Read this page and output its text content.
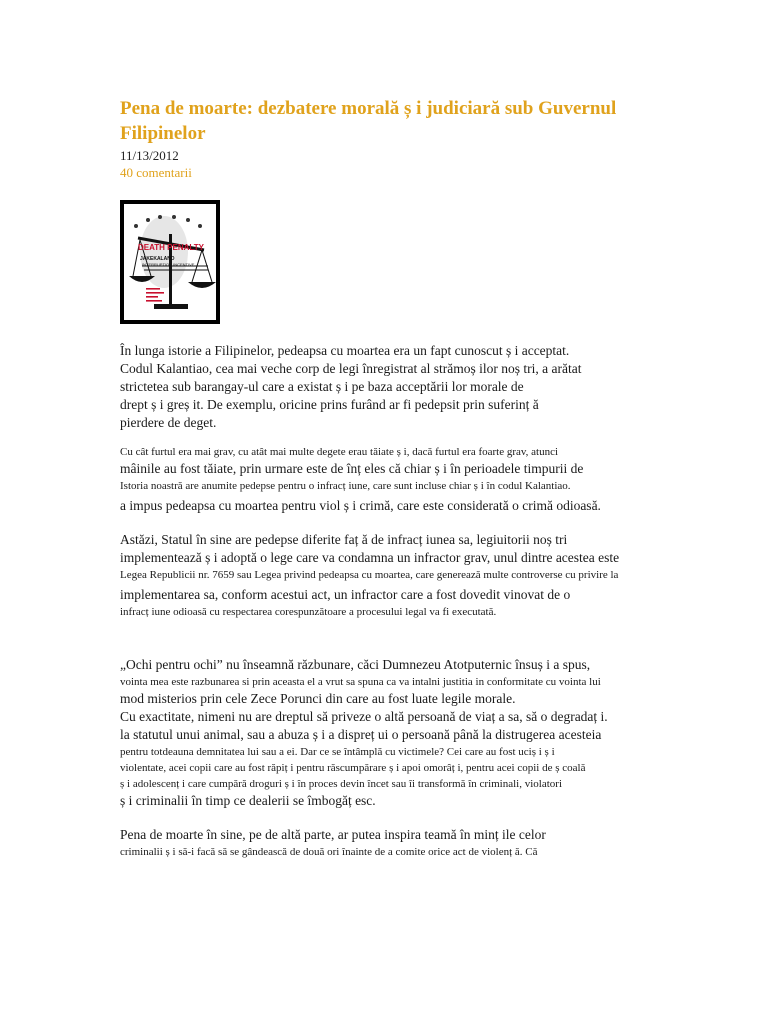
Pena de moarte: dezbatere morală ș i judiciară sub Guvernul Filipinelor
11/13/2012
40 comentarii
DEATH PENALTY
JAKEKALAND
INTERRUPTION INCENTIVE

În lunga istorie a Filipinelor, pedeapsa cu moartea era un fapt cunoscut ș i acceptat.

Codul Kalantiao, cea mai veche corp de legi înregistrat al strămoș ilor noș tri, a arătat

strictetea sub barangay-ul care a existat ș i pe baza acceptării lor morale de

drept ș i greș it. De exemplu, oricine prins furând ar fi pedepsit prin suferinț ă

pierdere de deget.

Cu cât furtul era mai grav, cu atât mai multe degete erau tăiate ș i, dacă furtul era foarte grav, atunci

mâinile au fost tăiate, prin urmare este de înț eles că chiar ș i în perioadele timpurii de

Istoria noastră are anumite pedepse pentru o infracț iune, care sunt incluse chiar ș i în codul Kalantiao.

a impus pedeapsa cu moartea pentru viol ș i crimă, care este considerată o crimă odioasă.

Astăzi, Statul în sine are pedepse diferite faț ă de infracț iunea sa, legiuitorii noș tri

implementează ș i adoptă o lege care va condamna un infractor grav, unul dintre acestea este

Legea Republicii nr. 7659 sau Legea privind pedeapsa cu moartea, care generează multe controverse cu privire la

implementarea sa, conform acestui act, un infractor care a fost dovedit vinovat de o

infracț iune odioasă cu respectarea corespunzătoare a procesului legal va fi executată.

„Ochi pentru ochi” nu înseamnă răzbunare, căci Dumnezeu Atotputernic însuș i a spus,

vointa mea este razbunarea si prin aceasta el a vrut sa spuna ca va intalni justitia in conformitate cu vointa lui

mod misterios prin cele Zece Porunci din care au fost luate legile morale.

Cu exactitate, nimeni nu are dreptul să priveze o altă persoană de viaț a sa, să o degradaț i.

la statutul unui animal, sau a abuza ș i a dispreț ui o persoană până la distrugerea acesteia

pentru totdeauna demnitatea lui sau a ei. Dar ce se întâmplă cu victimele? Cei care au fost uciș i ș i

violentate, acei copii care au fost răpiț i pentru răscumpărare ș i apoi omorâț i, pentru acei copii de ș coală

ș i adolescenț i care cumpără droguri ș i în proces devin încet sau îi transformă în criminali, violatori

ș i criminalii în timp ce dealerii se îmbogăț esc.

Pena de moarte în sine, pe de altă parte, ar putea inspira teamă în minț ile celor

criminalii ș i să-i facă să se gândească de două ori înainte de a comite orice act de violenț ă. Că
